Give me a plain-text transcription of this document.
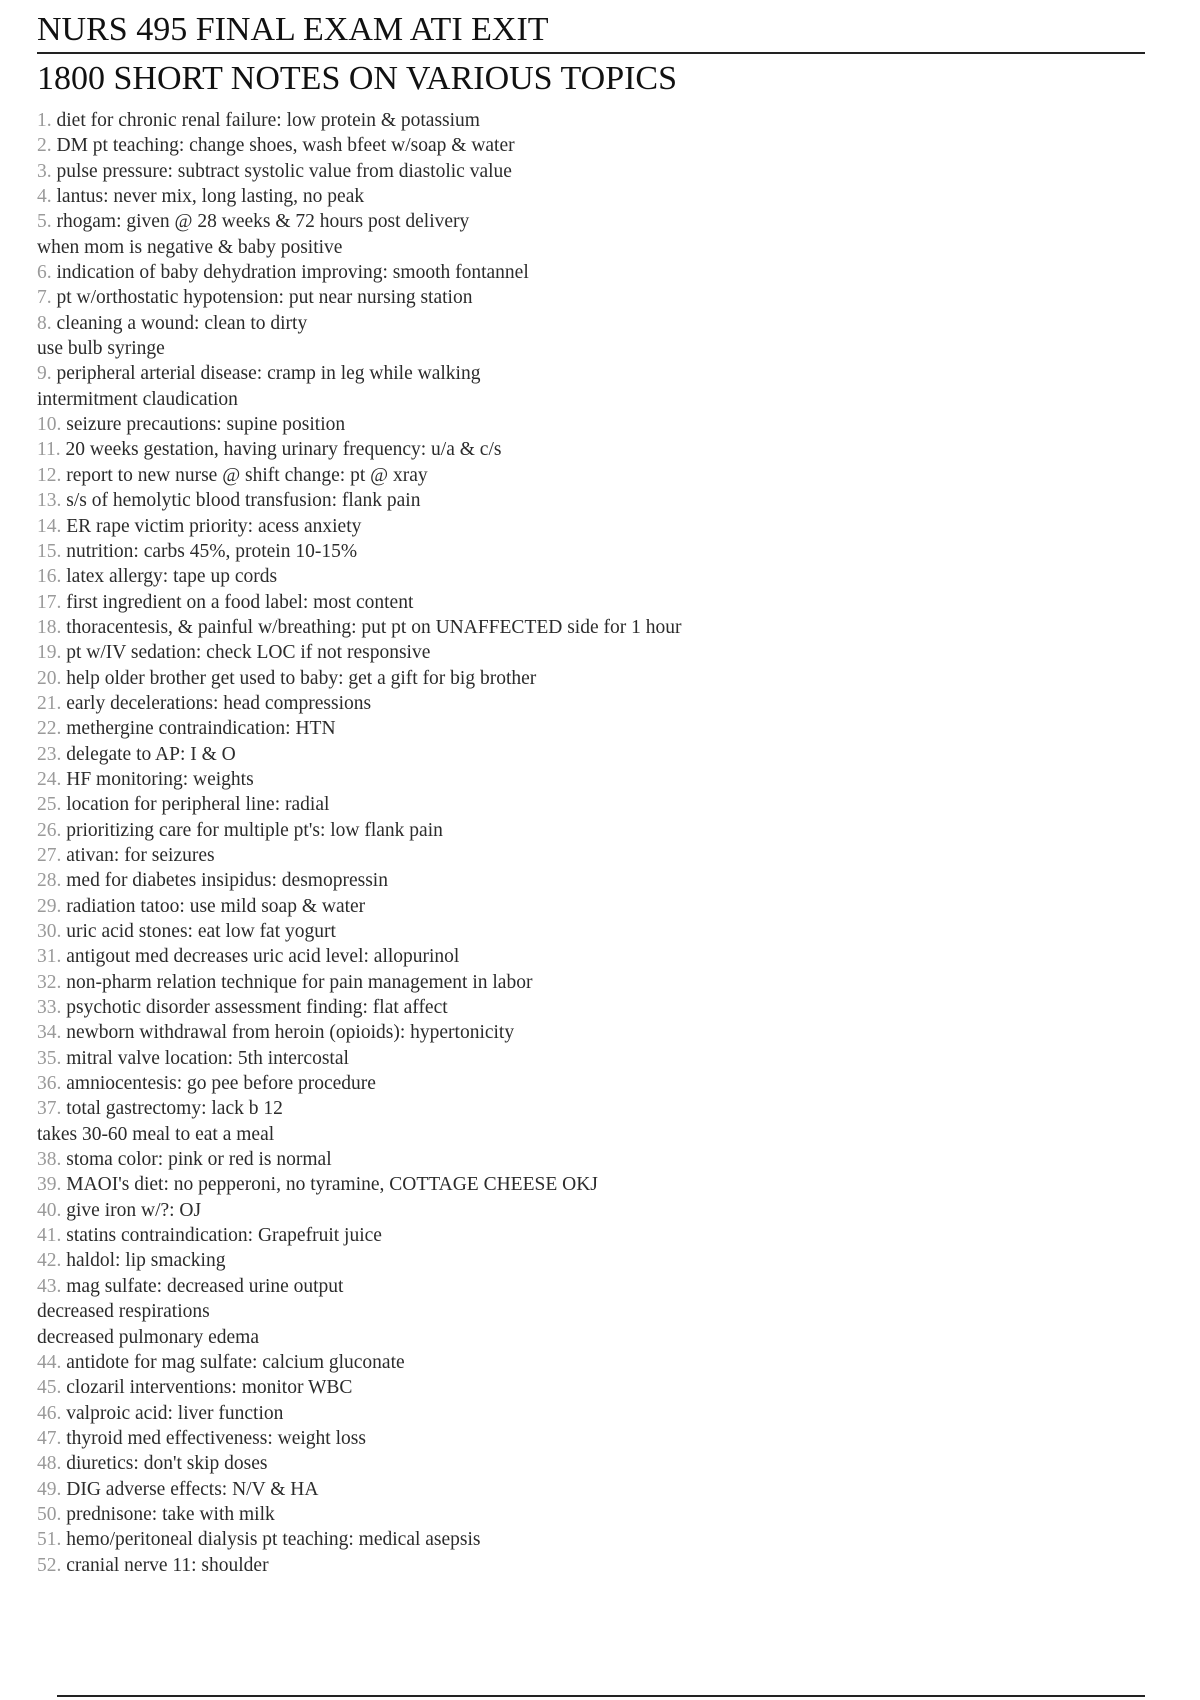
NURS 495 FINAL EXAM ATI EXIT
1800 SHORT NOTES ON VARIOUS TOPICS
1. diet for chronic renal failure: low protein & potassium
2. DM pt teaching: change shoes, wash bfeet w/soap & water
3. pulse pressure: subtract systolic value from diastolic value
4. lantus: never mix, long lasting, no peak
5. rhogam: given @ 28 weeks & 72 hours post delivery
when mom is negative & baby positive
6. indication of baby dehydration improving: smooth fontannel
7. pt w/orthostatic hypotension: put near nursing station
8. cleaning a wound: clean to dirty
use bulb syringe
9. peripheral arterial disease: cramp in leg while walking
intermitment claudication
10. seizure precautions: supine position
11. 20 weeks gestation, having urinary frequency: u/a & c/s
12. report to new nurse @ shift change: pt @ xray
13. s/s of hemolytic blood transfusion: flank pain
14. ER rape victim priority: acess anxiety
15. nutrition: carbs 45%, protein 10-15%
16. latex allergy: tape up cords
17. first ingredient on a food label: most content
18. thoracentesis, & painful w/breathing: put pt on UNAFFECTED side for 1 hour
19. pt w/IV sedation: check LOC if not responsive
20. help older brother get used to baby: get a gift for big brother
21. early decelerations: head compressions
22. methergine contraindication: HTN
23. delegate to AP: I & O
24. HF monitoring: weights
25. location for peripheral line: radial
26. prioritizing care for multiple pt's: low flank pain
27. ativan: for seizures
28. med for diabetes insipidus: desmopressin
29. radiation tatoo: use mild soap & water
30. uric acid stones: eat low fat yogurt
31. antigout med decreases uric acid level: allopurinol
32. non-pharm relation technique for pain management in labor
33. psychotic disorder assessment finding: flat affect
34. newborn withdrawal from heroin (opioids): hypertonicity
35. mitral valve location: 5th intercostal
36. amniocentesis: go pee before procedure
37. total gastrectomy: lack b 12
takes 30-60 meal to eat a meal
38. stoma color: pink or red is normal
39. MAOI's diet: no pepperoni, no tyramine, COTTAGE CHEESE OKJ
40. give iron w/?: OJ
41. statins contraindication: Grapefruit juice
42. haldol: lip smacking
43. mag sulfate: decreased urine output
decreased respirations
decreased pulmonary edema
44. antidote for mag sulfate: calcium gluconate
45. clozaril interventions: monitor WBC
46. valproic acid: liver function
47. thyroid med effectiveness: weight loss
48. diuretics: don't skip doses
49. DIG adverse effects: N/V & HA
50. prednisone: take with milk
51. hemo/peritoneal dialysis pt teaching: medical asepsis
52. cranial nerve 11: shoulder
